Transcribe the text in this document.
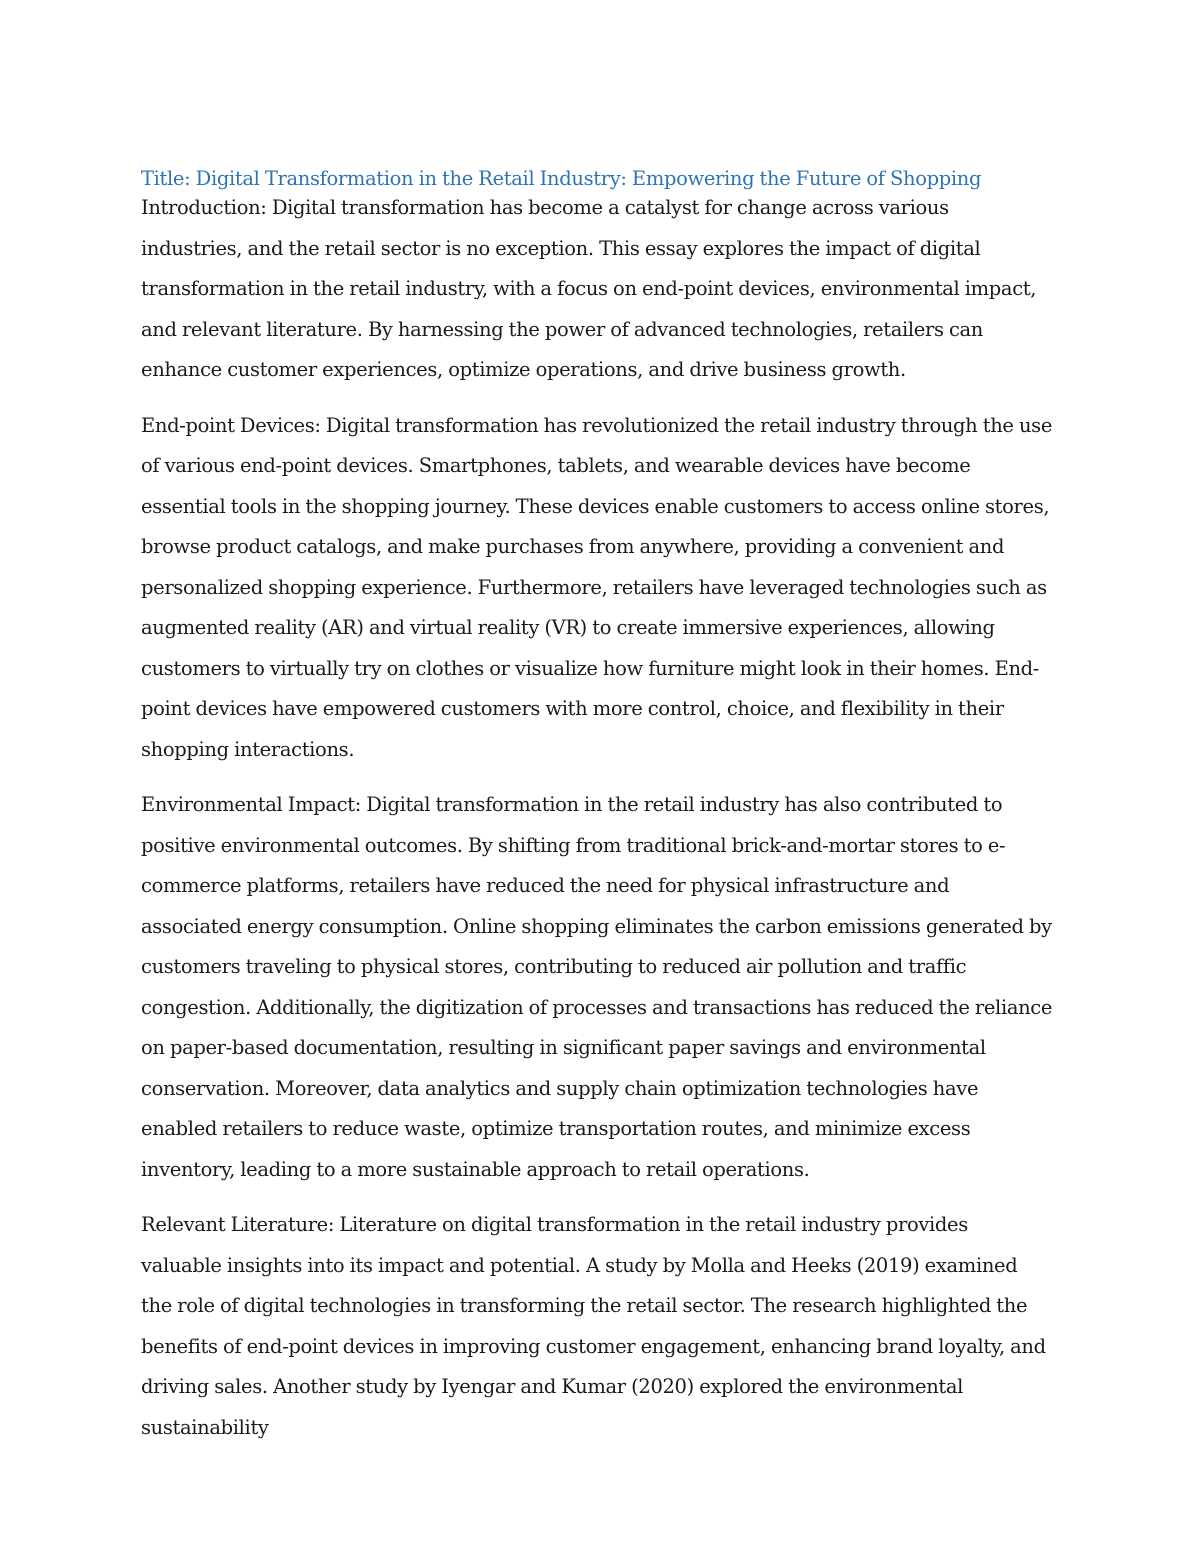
Title: Digital Transformation in the Retail Industry: Empowering the Future of Shopping

Introduction: Digital transformation has become a catalyst for change across various industries, and the retail sector is no exception. This essay explores the impact of digital transformation in the retail industry, with a focus on end-point devices, environmental impact, and relevant literature. By harnessing the power of advanced technologies, retailers can enhance customer experiences, optimize operations, and drive business growth.

End-point Devices: Digital transformation has revolutionized the retail industry through the use of various end-point devices. Smartphones, tablets, and wearable devices have become essential tools in the shopping journey. These devices enable customers to access online stores, browse product catalogs, and make purchases from anywhere, providing a convenient and personalized shopping experience. Furthermore, retailers have leveraged technologies such as augmented reality (AR) and virtual reality (VR) to create immersive experiences, allowing customers to virtually try on clothes or visualize how furniture might look in their homes. End-point devices have empowered customers with more control, choice, and flexibility in their shopping interactions.

Environmental Impact: Digital transformation in the retail industry has also contributed to positive environmental outcomes. By shifting from traditional brick-and-mortar stores to e-commerce platforms, retailers have reduced the need for physical infrastructure and associated energy consumption. Online shopping eliminates the carbon emissions generated by customers traveling to physical stores, contributing to reduced air pollution and traffic congestion. Additionally, the digitization of processes and transactions has reduced the reliance on paper-based documentation, resulting in significant paper savings and environmental conservation. Moreover, data analytics and supply chain optimization technologies have enabled retailers to reduce waste, optimize transportation routes, and minimize excess inventory, leading to a more sustainable approach to retail operations.

Relevant Literature: Literature on digital transformation in the retail industry provides valuable insights into its impact and potential. A study by Molla and Heeks (2019) examined the role of digital technologies in transforming the retail sector. The research highlighted the benefits of end-point devices in improving customer engagement, enhancing brand loyalty, and driving sales. Another study by Iyengar and Kumar (2020) explored the environmental sustainability
